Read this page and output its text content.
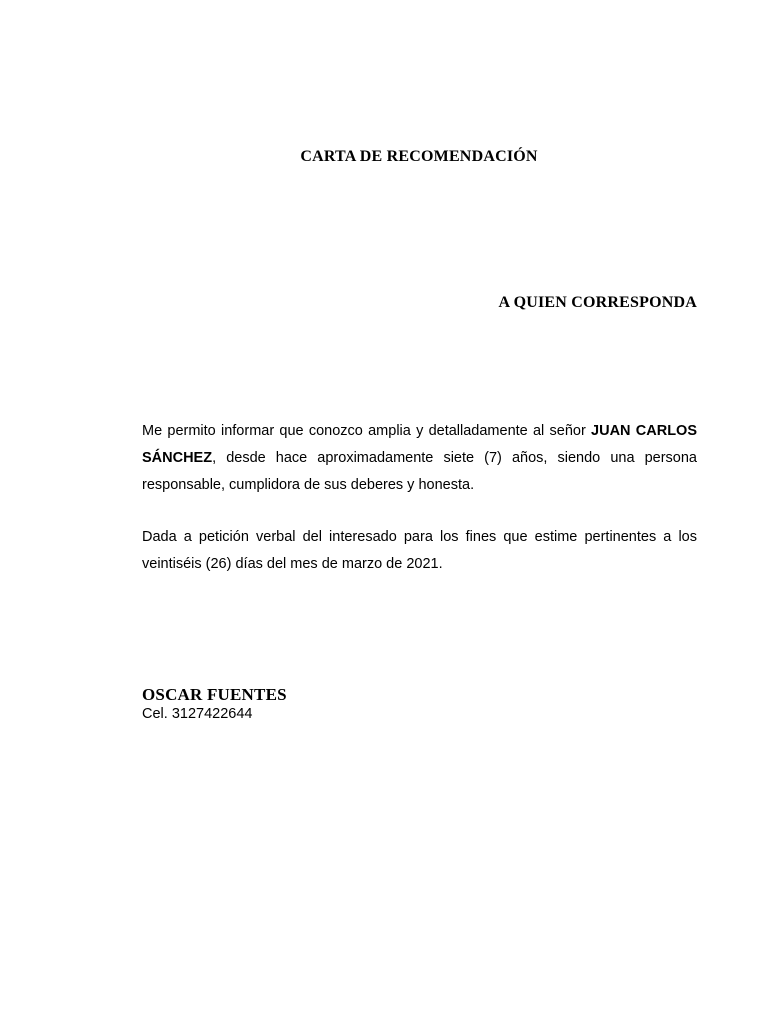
CARTA DE RECOMENDACIÓN
A QUIEN CORRESPONDA

Me permito informar que conozco amplia y detalladamente al señor JUAN CARLOS SÁNCHEZ, desde hace aproximadamente siete (7) años, siendo una persona responsable, cumplidora de sus deberes y honesta.

Dada a petición verbal del interesado para los fines que estime pertinentes a los veintiséis (26) días del mes de marzo de 2021.

OSCAR FUENTES
Cel. 3127422644
